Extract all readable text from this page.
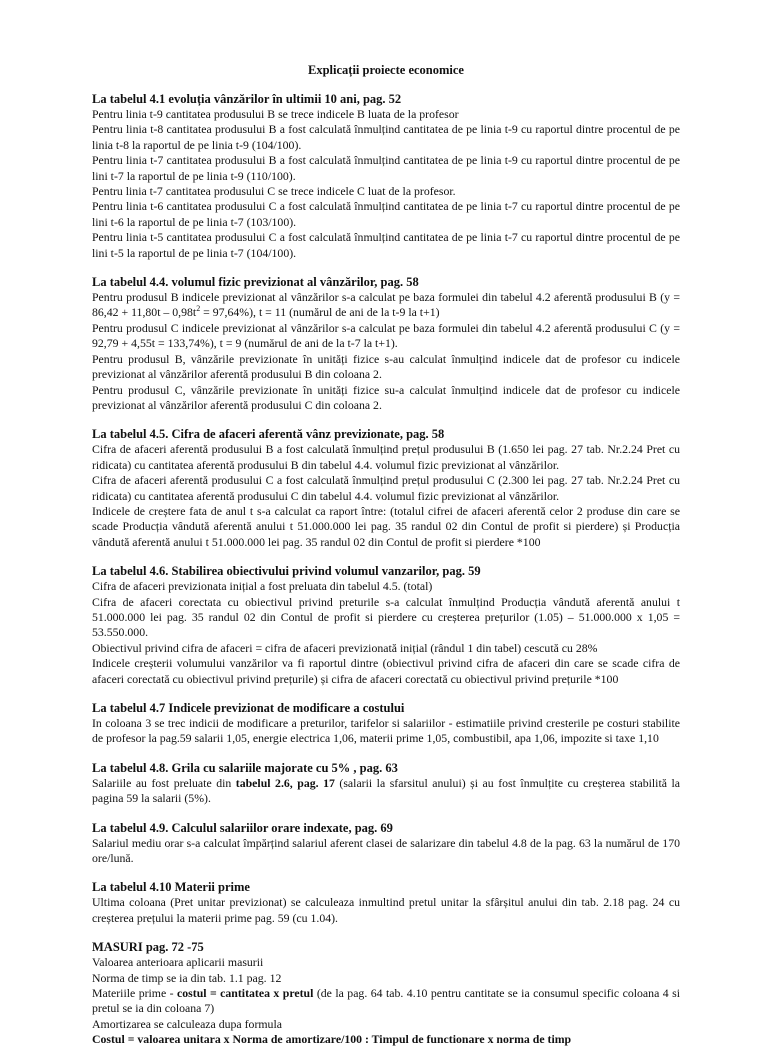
Explicații proiecte economice
La tabelul 4.1 evoluția vânzărilor în ultimii 10 ani, pag. 52
Pentru linia t-9 cantitatea produsului B se trece indicele B luata de la profesor
Pentru linia t-8 cantitatea produsului B a fost calculată înmulțind cantitatea de pe linia t-9 cu raportul dintre procentul de pe linia t-8 la raportul de pe linia t-9 (104/100).
Pentru linia t-7 cantitatea produsului B a fost calculată înmulțind cantitatea de pe linia t-9 cu raportul dintre procentul de pe lini t-7 la raportul de pe linia t-9 (110/100).
Pentru linia t-7 cantitatea produsului C se trece indicele C luat de la profesor.
Pentru linia t-6 cantitatea produsului C a fost calculată înmulțind cantitatea de pe linia t-7 cu raportul dintre procentul de pe lini t-6 la raportul de pe linia t-7 (103/100).
Pentru linia t-5 cantitatea produsului C a fost calculată înmulțind cantitatea de pe linia t-7 cu raportul dintre procentul de pe lini t-5 la raportul de pe linia t-7 (104/100).
La tabelul 4.4. volumul fizic previzionat al vânzărilor, pag. 58
Pentru produsul B indicele previzionat al vânzărilor s-a calculat pe baza formulei din tabelul 4.2 aferentă produsului B $(y = 86,42 + 11,80t - 0,98t^2 = 97,64\%)$, t = 11 (numărul de ani de la t-9 la t+1)
Pentru produsul C indicele previzionat al vânzărilor s-a calculat pe baza formulei din tabelul 4.2 aferentă produsului C (y = 92,79 + 4,55t = 133,74%), t = 9 (numărul de ani de la t-7 la t+1).
Pentru produsul B, vânzările previzionate în unități fizice s-au calculat înmulțind indicele dat de profesor cu indicele previzionat al vânzărilor aferentă produsului B din coloana 2.
Pentru produsul C, vânzările previzionate în unități fizice su-a calculat înmulțind indicele dat de profesor cu indicele previzionat al vânzărilor aferentă produsului C din coloana 2.
La tabelul 4.5. Cifra de afaceri aferentă vânz previzionate, pag. 58
Cifra de afaceri aferentă produsului B a fost calculată înmulțind prețul produsului B (1.650 lei pag. 27 tab. Nr.2.24 Pret cu ridicata) cu cantitatea aferentă produsului B din tabelul 4.4. volumul fizic previzionat al vânzărilor.
Cifra de afaceri aferentă produsului C a fost calculată înmulțind prețul produsului C (2.300 lei pag. 27 tab. Nr.2.24 Pret cu ridicata) cu cantitatea aferentă produsului C din tabelul 4.4. volumul fizic previzionat al vânzărilor.
Indicele de creștere fata de anul t s-a calculat ca raport între: (totalul cifrei de afaceri aferentă celor 2 produse din care se scade Producția vândută aferentă anului t 51.000.000 lei pag. 35 randul 02 din Contul de profit si pierdere) și Producția vândută aferentă anului t 51.000.000 lei pag. 35 randul 02 din Contul de profit si pierdere *100
La tabelul 4.6. Stabilirea obiectivului privind volumul vanzarilor, pag. 59
Cifra de afaceri previzionata inițial a fost preluata din tabelul 4.5. (total)
Cifra de afaceri corectata cu obiectivul privind preturile s-a calculat înmulțind Producția vândută aferentă anului t 51.000.000 lei pag. 35 randul 02 din Contul de profit si pierdere cu creșterea prețurilor (1.05) – 51.000.000 x 1,05 = 53.550.000.
Obiectivul privind cifra de afaceri = cifra de afaceri previzionată inițial (rândul 1 din tabel) cescută cu 28%
Indicele creșterii volumului vanzărilor va fi raportul dintre (obiectivul privind cifra de afaceri din care se scade cifra de afaceri corectată cu obiectivul privind prețurile) și cifra de afaceri corectată cu obiectivul privind prețurile *100
La tabelul 4.7 Indicele previzionat de modificare a costului
In coloana 3 se trec indicii de modificare a preturilor, tarifelor si salariilor - estimatiile privind cresterile pe costuri stabilite de profesor la pag.59 salarii 1,05, energie electrica 1,06, materii prime 1,05, combustibil, apa 1,06, impozite si taxe 1,10
La tabelul 4.8. Grila cu salariile majorate cu 5% , pag. 63
Salariile au fost preluate din tabelul 2.6, pag. 17 (salarii la sfarsitul anului) și au fost înmulțite cu creșterea stabilită la pagina 59 la salarii (5%).
La tabelul 4.9. Calculul salariilor orare indexate, pag. 69
Salariul mediu orar s-a calculat împărțind salariul aferent clasei de salarizare din tabelul 4.8 de la pag. 63 la numărul de 170 ore/lună.
La tabelul 4.10 Materii prime
Ultima coloana (Pret unitar previzionat) se calculeaza inmultind pretul unitar la sfârșitul anului din tab. 2.18 pag. 24 cu creșterea prețului la materii prime pag. 59 (cu 1.04).
MASURI pag. 72 -75
Valoarea anterioara aplicarii masurii
Norma de timp se ia din tab. 1.1 pag. 12
Materiile prime - costul = cantitatea x pretul (de la pag. 64 tab. 4.10 pentru cantitate se ia consumul specific coloana 4 si pretul se ia din coloana 7)
Amortizarea se calculeaza dupa formula
Costul = valoarea unitara x Norma de amortizare/100 : Timpul de functionare x norma de timp
